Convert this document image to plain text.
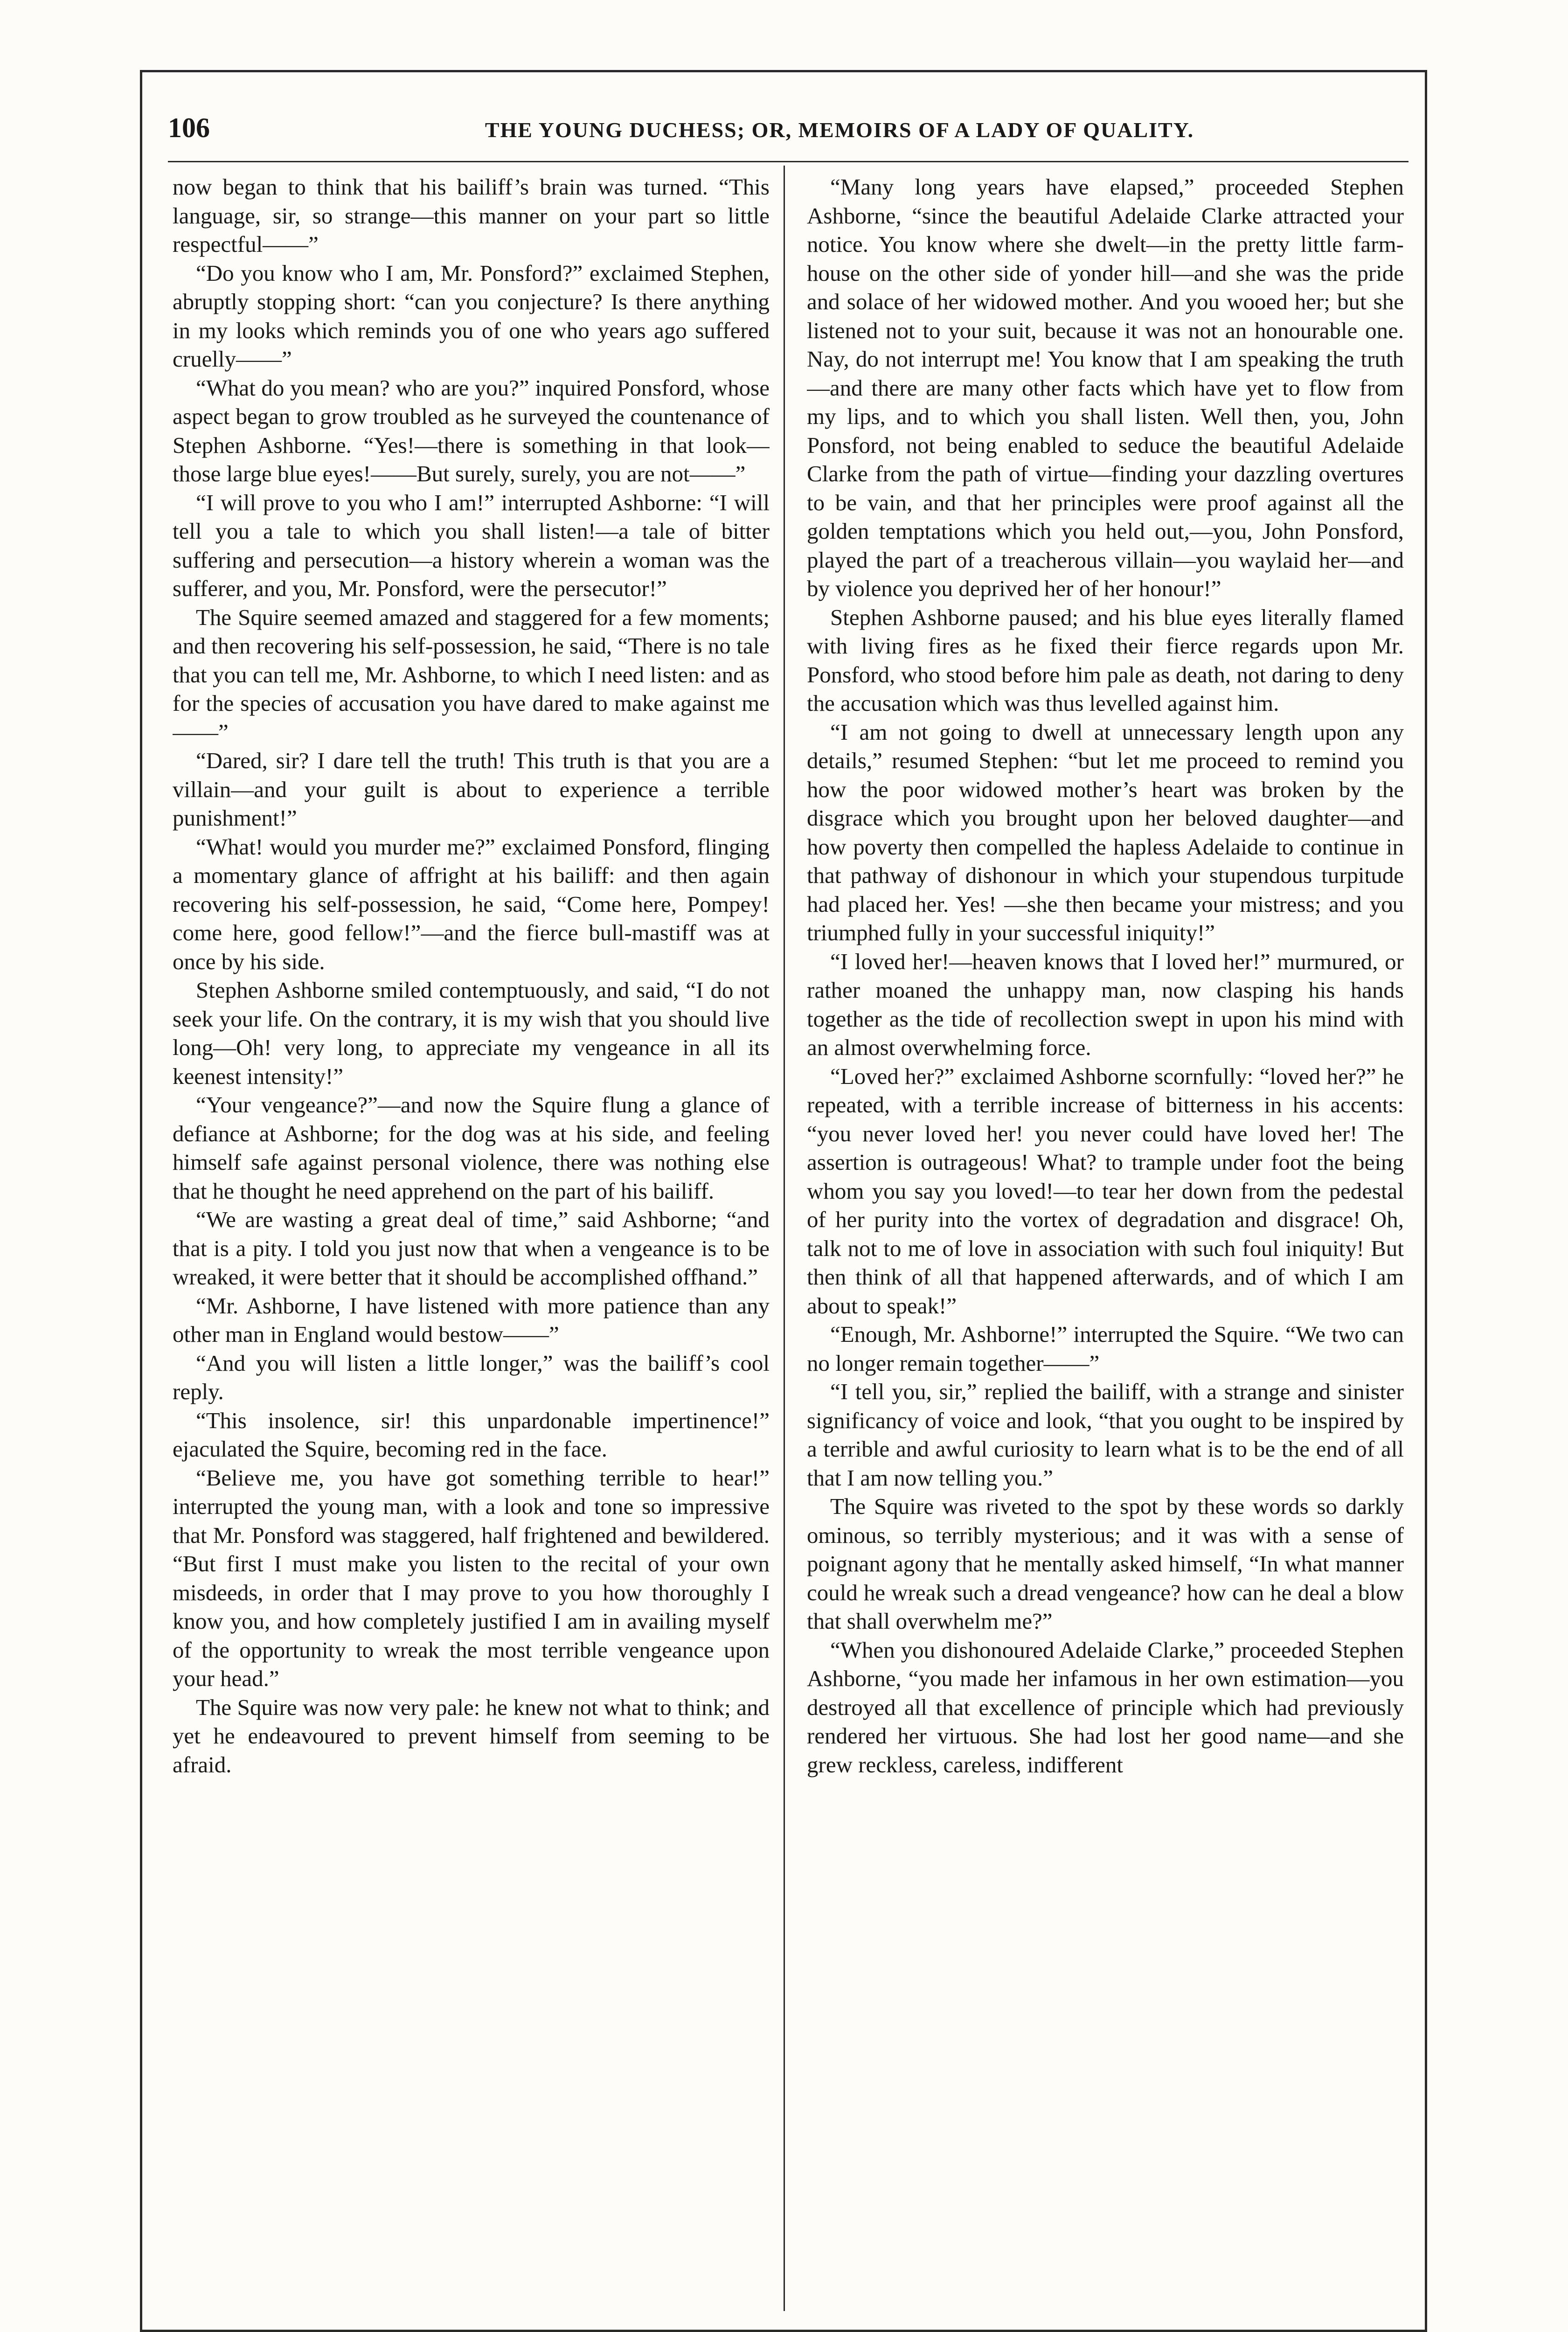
106	THE YOUNG DUCHESS; OR, MEMOIRS OF A LADY OF QUALITY.

now began to think that his bailiff’s brain was turned. “This language, sir, so strange—this manner on your part so little respectful——”

“Do you know who I am, Mr. Ponsford?” exclaimed Stephen, abruptly stopping short: “can you conjecture? Is there anything in my looks which reminds you of one who years ago suffered cruelly——”

“What do you mean? who are you?” inquired Ponsford, whose aspect began to grow troubled as he surveyed the countenance of Stephen Ashborne. “Yes!—there is something in that look—those large blue eyes!——But surely, surely, you are not——”

“I will prove to you who I am!” interrupted Ashborne: “I will tell you a tale to which you shall listen!—a tale of bitter suffering and persecution—a history wherein a woman was the sufferer, and you, Mr. Ponsford, were the persecutor!”

The Squire seemed amazed and staggered for a few moments; and then recovering his self-possession, he said, “There is no tale that you can tell me, Mr. Ashborne, to which I need listen: and as for the species of accusation you have dared to make against me——”

“Dared, sir? I dare tell the truth! This truth is that you are a villain—and your guilt is about to experience a terrible punishment!”

“What! would you murder me?” exclaimed Ponsford, flinging a momentary glance of affright at his bailiff: and then again recovering his self-possession, he said, “Come here, Pompey! come here, good fellow!”—and the fierce bull-mastiff was at once by his side.

Stephen Ashborne smiled contemptuously, and said, “I do not seek your life. On the contrary, it is my wish that you should live long—Oh! very long, to appreciate my vengeance in all its keenest intensity!”

“Your vengeance?”—and now the Squire flung a glance of defiance at Ashborne; for the dog was at his side, and feeling himself safe against personal violence, there was nothing else that he thought he need apprehend on the part of his bailiff.

“We are wasting a great deal of time,” said Ashborne; “and that is a pity. I told you just now that when a vengeance is to be wreaked, it were better that it should be accomplished offhand.”

“Mr. Ashborne, I have listened with more patience than any other man in England would bestow——”

“And you will listen a little longer,” was the bailiff’s cool reply.

“This insolence, sir! this unpardonable impertinence!” ejaculated the Squire, becoming red in the face.

“Believe me, you have got something terrible to hear!” interrupted the young man, with a look and tone so impressive that Mr. Ponsford was staggered, half frightened and bewildered. “But first I must make you listen to the recital of your own misdeeds, in order that I may prove to you how thoroughly I know you, and how completely justified I am in availing myself of the opportunity to wreak the most terrible vengeance upon your head.”

The Squire was now very pale: he knew not what to think; and yet he endeavoured to prevent himself from seeming to be afraid.

“Many long years have elapsed,” proceeded Stephen Ashborne, “since the beautiful Adelaide Clarke attracted your notice. You know where she dwelt—in the pretty little farm-house on the other side of yonder hill—and she was the pride and solace of her widowed mother. And you wooed her; but she listened not to your suit, because it was not an honourable one. Nay, do not interrupt me! You know that I am speaking the truth—and there are many other facts which have yet to flow from my lips, and to which you shall listen. Well then, you, John Ponsford, not being enabled to seduce the beautiful Adelaide Clarke from the path of virtue—finding your dazzling overtures to be vain, and that her principles were proof against all the golden temptations which you held out,—you, John Ponsford, played the part of a treacherous villain—you waylaid her—and by violence you deprived her of her honour!”

Stephen Ashborne paused; and his blue eyes literally flamed with living fires as he fixed their fierce regards upon Mr. Ponsford, who stood before him pale as death, not daring to deny the accusation which was thus levelled against him.

“I am not going to dwell at unnecessary length upon any details,” resumed Stephen: “but let me proceed to remind you how the poor widowed mother’s heart was broken by the disgrace which you brought upon her beloved daughter—and how poverty then compelled the hapless Adelaide to continue in that pathway of dishonour in which your stupendous turpitude had placed her. Yes! —she then became your mistress; and you triumphed fully in your successful iniquity!”

“I loved her!—heaven knows that I loved her!” murmured, or rather moaned the unhappy man, now clasping his hands together as the tide of recollection swept in upon his mind with an almost overwhelming force.

“Loved her?” exclaimed Ashborne scornfully: “loved her?” he repeated, with a terrible increase of bitterness in his accents: “you never loved her! you never could have loved her! The assertion is outrageous! What? to trample under foot the being whom you say you loved!—to tear her down from the pedestal of her purity into the vortex of degradation and disgrace! Oh, talk not to me of love in association with such foul iniquity! But then think of all that happened afterwards, and of which I am about to speak!”

“Enough, Mr. Ashborne!” interrupted the Squire. “We two can no longer remain together——”

“I tell you, sir,” replied the bailiff, with a strange and sinister significancy of voice and look, “that you ought to be inspired by a terrible and awful curiosity to learn what is to be the end of all that I am now telling you.”

The Squire was riveted to the spot by these words so darkly ominous, so terribly mysterious; and it was with a sense of poignant agony that he mentally asked himself, “In what manner could he wreak such a dread vengeance? how can he deal a blow that shall overwhelm me?”

“When you dishonoured Adelaide Clarke,” proceeded Stephen Ashborne, “you made her infamous in her own estimation—you destroyed all that excellence of principle which had previously rendered her virtuous. She had lost her good name—and she grew reckless, careless, indifferent
